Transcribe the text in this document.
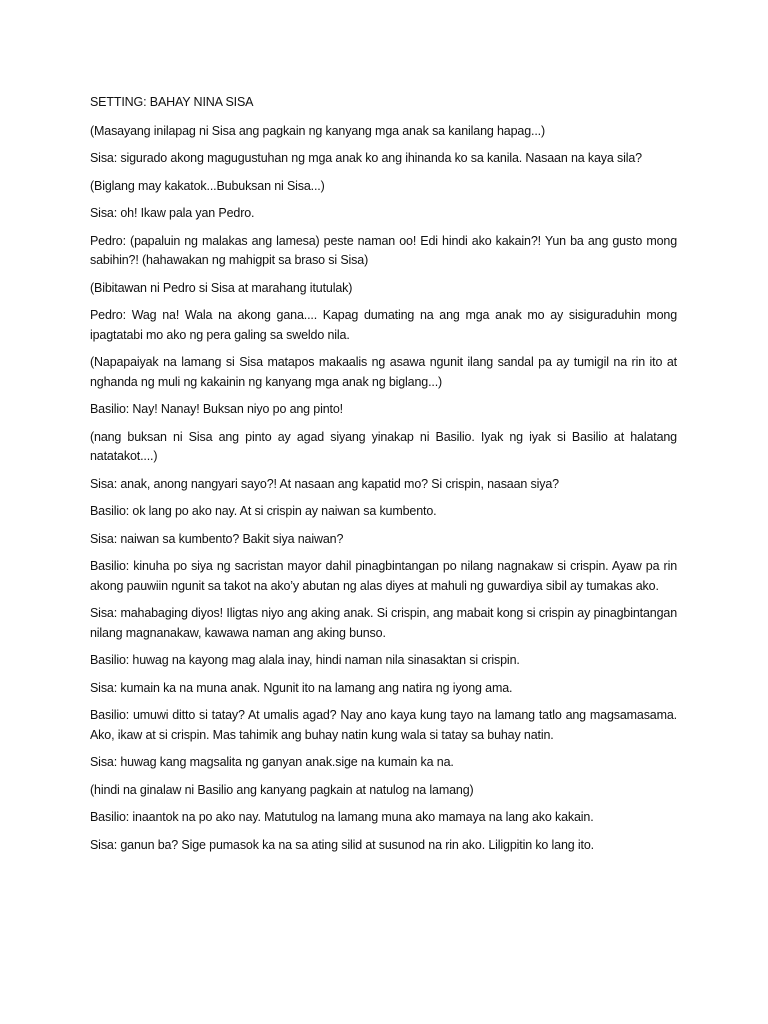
SETTING: BAHAY NINA SISA

(Masayang inilapag ni Sisa ang pagkain ng kanyang mga anak sa kanilang hapag...)

Sisa: sigurado akong magugustuhan ng mga anak ko ang ihinanda ko sa kanila. Nasaan na kaya sila?

(Biglang may kakatok...Bubuksan ni Sisa...)

Sisa: oh! Ikaw pala yan Pedro.

Pedro: (papaluin ng malakas ang lamesa) peste naman oo! Edi hindi ako kakain?! Yun ba ang gusto mong sabihin?! (hahawakan ng mahigpit sa braso si Sisa)

(Bibitawan ni Pedro si Sisa at marahang itutulak)

Pedro: Wag na! Wala na akong gana.... Kapag dumating na ang mga anak mo ay sisiguraduhin mong ipagtatabi mo ako ng pera galing sa sweldo nila.

(Napapaiyak na lamang si Sisa matapos makaalis ng asawa ngunit ilang sandal pa ay tumigil na rin ito at nghanda ng muli ng kakainin ng kanyang mga anak ng biglang...)

Basilio: Nay! Nanay! Buksan niyo po ang pinto!

(nang buksan ni Sisa ang pinto ay agad siyang yinakap ni Basilio. Iyak ng iyak si Basilio at halatang natatakot....)

Sisa: anak, anong nangyari sayo?! At nasaan ang kapatid mo? Si crispin, nasaan siya?

Basilio: ok lang po ako nay. At si crispin ay naiwan sa kumbento.

Sisa: naiwan sa kumbento? Bakit siya naiwan?

Basilio: kinuha po siya ng sacristan mayor dahil pinagbintangan po nilang nagnakaw si crispin. Ayaw pa rin akong pauwiin ngunit sa takot na ako’y abutan ng alas diyes at mahuli ng guwardiya sibil ay tumakas ako.

Sisa: mahabaging diyos! Iligtas niyo ang aking anak. Si crispin, ang mabait kong si crispin ay pinagbintangan nilang magnanakaw, kawawa naman ang aking bunso.

Basilio: huwag na kayong mag alala inay, hindi naman nila sinasaktan si crispin.

Sisa: kumain ka na muna anak. Ngunit ito na lamang ang natira ng iyong ama.

Basilio: umuwi ditto si tatay? At umalis agad? Nay ano kaya kung tayo na lamang tatlo ang magsamasama. Ako, ikaw at si crispin. Mas tahimik ang buhay natin kung wala si tatay sa buhay natin.

Sisa: huwag kang magsalita ng ganyan anak.sige na kumain ka na.

(hindi na ginalaw ni Basilio ang kanyang pagkain at natulog na lamang)

Basilio: inaantok na po ako nay. Matutulog na lamang muna ako mamaya na lang ako kakain.

Sisa: ganun ba? Sige pumasok ka na sa ating silid at susunod na rin ako. Liligpitin ko lang ito.
